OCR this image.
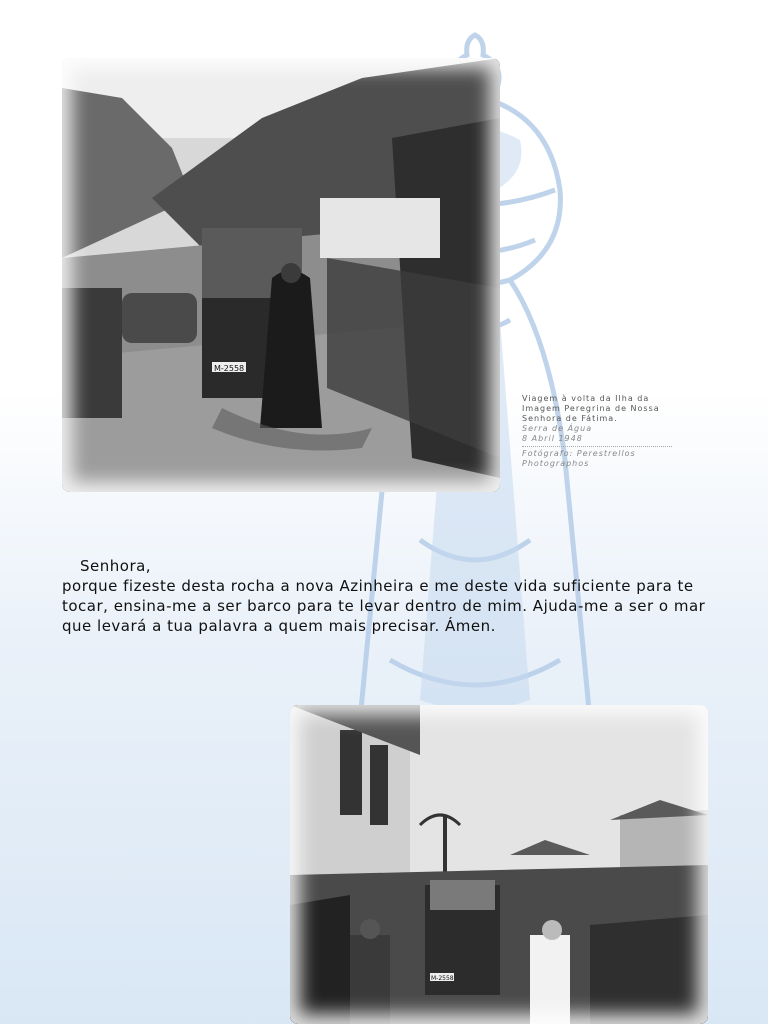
M-2558
Viagem à volta da Ilha da Imagem Peregrina de Nossa Senhora de Fátima.
Serra de Água
8 Abril 1948
Fotógrafo: Perestrellos Photographos
Senhora,
porque fizeste desta rocha a nova Azinheira e me deste vida suficiente para te tocar, ensina-me a ser barco para te levar dentro de mim. Ajuda-me a ser o mar que levará a tua palavra a quem mais precisar. Ámen.
M-2558
